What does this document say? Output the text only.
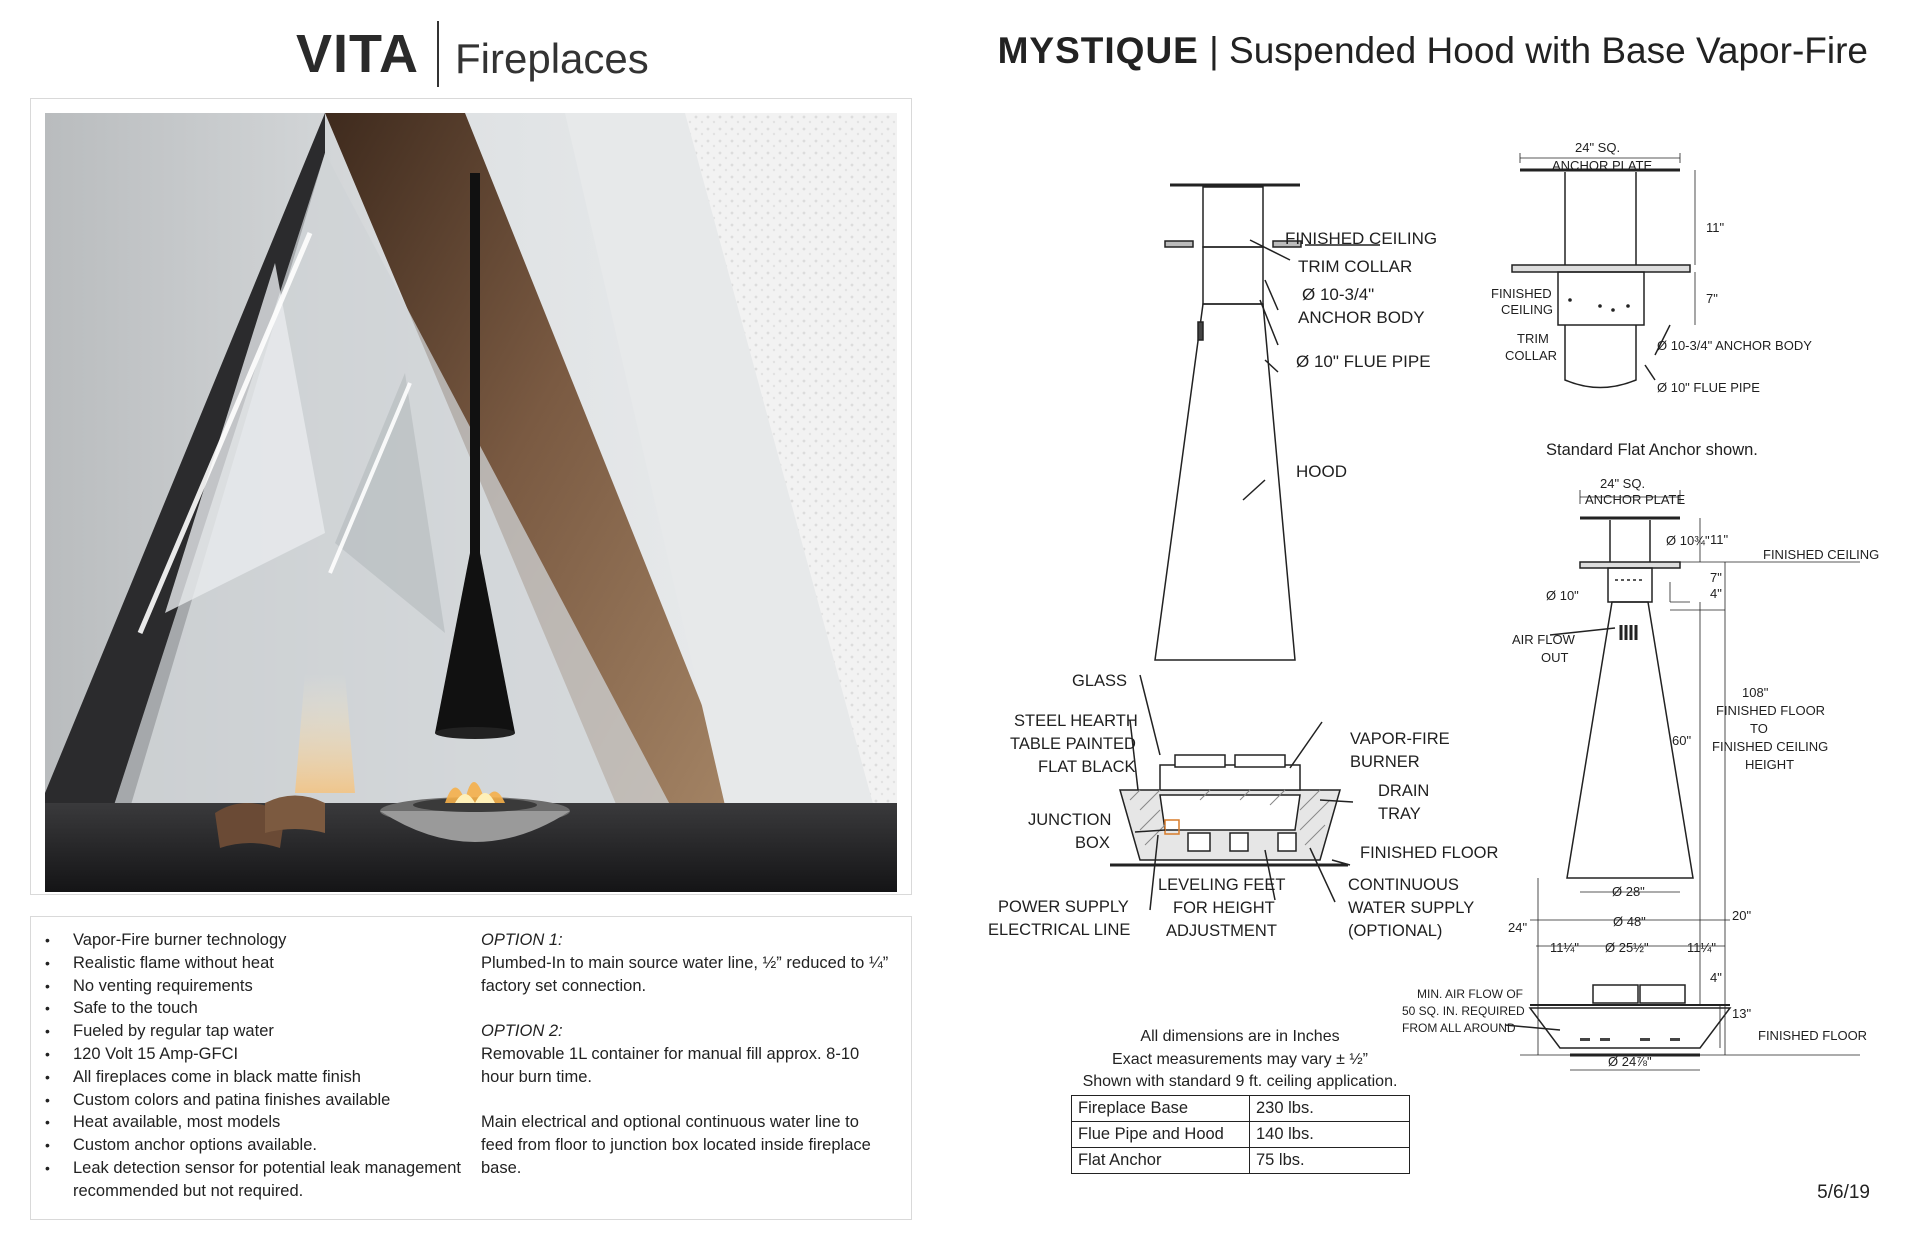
VITA Fireplaces	MYSTIQUE | Suspended Hood with Base Vapor-Fire
• Vapor-Fire burner technology
• Realistic flame without heat
• No venting requirements
• Safe to the touch
• Fueled by regular tap water
• 120 Volt 15 Amp-GFCI
• All fireplaces come in black matte finish
• Custom colors and patina finishes available
• Heat available, most models
• Custom anchor options available.
• Leak detection sensor for potential leak management recommended but not required.
OPTION 1:

Plumbed-In to main source water line, ½” reduced to ¼” factory set connection.

OPTION 2:

Removable 1L container for manual fill approx. 8-10 hour burn time.

Main electrical and optional continuous water line to feed from floor to junction box located inside fireplace base.

FINISHED CEILING
TRIM COLLAR
Ø 10-3/4"
ANCHOR BODY
Ø 10" FLUE PIPE
HOOD
GLASS
STEEL HEARTH
TABLE PAINTED
FLAT BLACK
JUNCTION
BOX
POWER SUPPLY
ELECTRICAL LINE
LEVELING FEET
FOR HEIGHT
ADJUSTMENT
VAPOR-FIRE
BURNER
DRAIN
TRAY
FINISHED FLOOR
CONTINUOUS
WATER SUPPLY
(OPTIONAL)
24" SQ.
ANCHOR PLATE
11"
7"
FINISHED
CEILING
TRIM
COLLAR
Ø 10-3/4" ANCHOR BODY
Ø 10" FLUE PIPE
Standard Flat Anchor shown.
24" SQ.
ANCHOR PLATE
Ø 10¾" 11"
FINISHED CEILING
7"
Ø 10"	4"
AIR FLOW
OUT
108"
FINISHED FLOOR
TO
FINISHED CEILING
HEIGHT
60"
Ø 28"
24"
20"
Ø 48"
11¼" Ø 25½"	11¼"
4"
13"
MIN. AIR FLOW OF
50 SQ. IN. REQUIRED
FROM ALL AROUND
Ø 24⅞"
FINISHED FLOOR
All dimensions are in Inches
Exact measurements may vary ± ½”
Shown with standard 9 ft. ceiling application.
Fireplace Base	230 lbs.
Flue Pipe and Hood	140 lbs.
Flat Anchor	75 lbs.
5/6/19
